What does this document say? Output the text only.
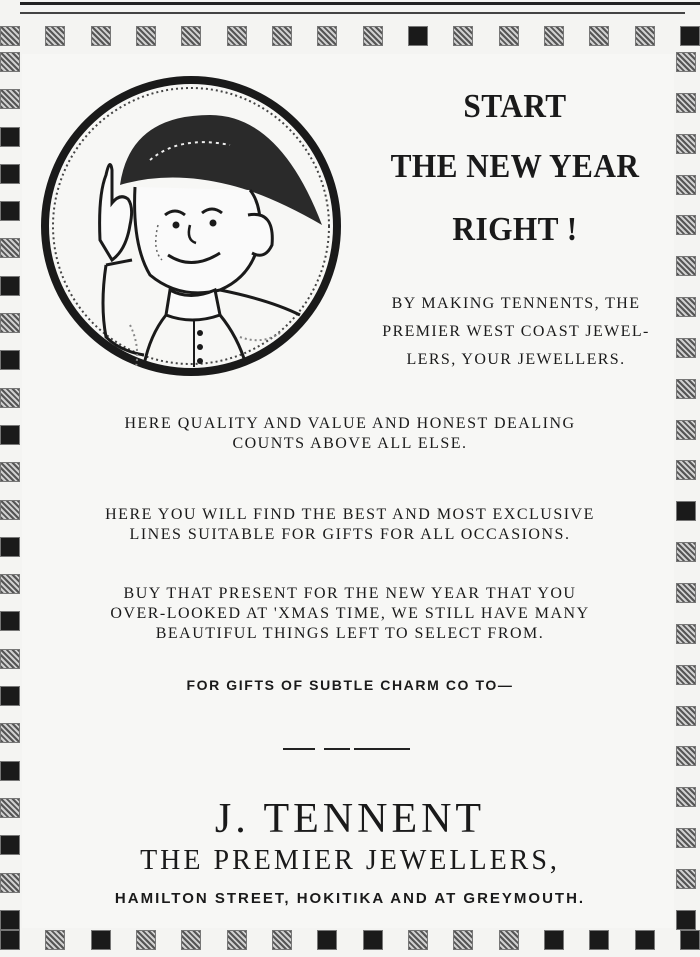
START
THE NEW YEAR
RIGHT !
BY MAKING TENNENTS, THE
PREMIER WEST COAST JEWEL-
LERS, YOUR JEWELLERS.
HERE QUALITY AND VALUE AND HONEST DEALING
COUNTS ABOVE ALL ELSE.
HERE YOU WILL FIND THE BEST AND MOST EXCLUSIVE
LINES SUITABLE FOR GIFTS FOR ALL OCCASIONS.
BUY THAT PRESENT FOR THE NEW YEAR THAT YOU
OVER-LOOKED AT 'XMAS TIME, WE STILL HAVE MANY
BEAUTIFUL THINGS LEFT TO SELECT FROM.
FOR GIFTS OF SUBTLE CHARM CO TO—
J. TENNENT
THE PREMIER JEWELLERS,
HAMILTON STREET, HOKITIKA AND AT GREYMOUTH.
